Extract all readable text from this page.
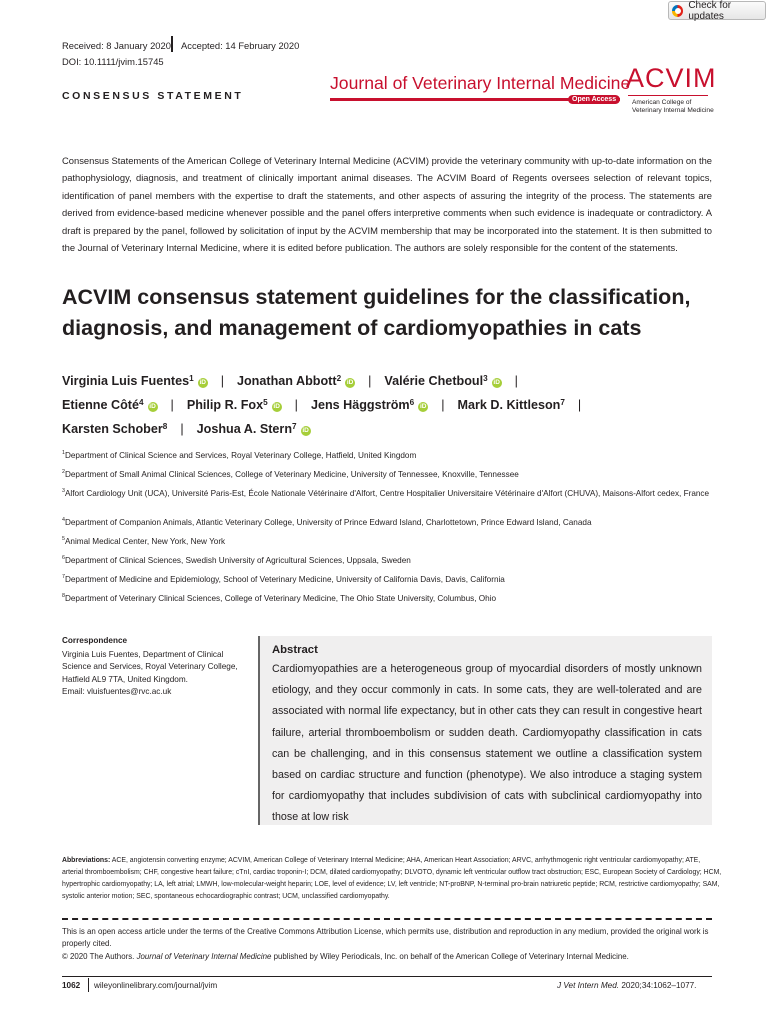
Check for updates
Received: 8 January 2020 Accepted: 14 February 2020
DOI: 10.1111/jvim.15745
CONSENSUS STATEMENT
Journal of Veterinary Internal Medicine
Open Access
ACVIM
American College of
Veterinary Internal Medicine
Consensus Statements of the American College of Veterinary Internal Medicine (ACVIM) provide the veterinary community with up-to-date information on the pathophysiology, diagnosis, and treatment of clinically important animal diseases. The ACVIM Board of Regents oversees selection of relevant topics, identification of panel members with the expertise to draft the statements, and other aspects of assuring the integrity of the process. The statements are derived from evidence-based medicine whenever possible and the panel offers interpretive comments when such evidence is inadequate or contradictory. A draft is prepared by the panel, followed by solicitation of input by the ACVIM membership that may be incorporated into the statement. It is then submitted to the Journal of Veterinary Internal Medicine, where it is edited before publication. The authors are solely responsible for the content of the statements.
ACVIM consensus statement guidelines for the classification,
diagnosis, and management of cardiomyopathies in cats
Virginia Luis Fuentes$^1$ iD | Jonathan Abbott$^2$ iD | Valérie Chetboul$^3$ iD |
Etienne Côté$^4$ iD | Philip R. Fox$^5$ iD | Jens Häggström$^6$ iD | Mark D. Kittleson$^7$ |
Karsten Schober$^8$ | Joshua A. Stern$^7$ iD
$^1$Department of Clinical Science and Services, Royal Veterinary College, Hatfield, United Kingdom
$^2$Department of Small Animal Clinical Sciences, College of Veterinary Medicine, University of Tennessee, Knoxville, Tennessee
$^3$Alfort Cardiology Unit (UCA), Université Paris-Est, École Nationale Vétérinaire d'Alfort, Centre Hospitalier Universitaire Vétérinaire d'Alfort (CHUVA), Maisons-Alfort cedex, France
$^4$Department of Companion Animals, Atlantic Veterinary College, University of Prince Edward Island, Charlottetown, Prince Edward Island, Canada
$^5$Animal Medical Center, New York, New York
$^6$Department of Clinical Sciences, Swedish University of Agricultural Sciences, Uppsala, Sweden
$^7$Department of Medicine and Epidemiology, School of Veterinary Medicine, University of California Davis, Davis, California
$^8$Department of Veterinary Clinical Sciences, College of Veterinary Medicine, The Ohio State University, Columbus, Ohio
Correspondence
Virginia Luis Fuentes, Department of Clinical Science and Services, Royal Veterinary College, Hatfield AL9 7TA, United Kingdom.
Email: vluisfuentes@rvc.ac.uk
Abstract
Cardiomyopathies are a heterogeneous group of myocardial disorders of mostly unknown etiology, and they occur commonly in cats. In some cats, they are well-tolerated and are associated with normal life expectancy, but in other cats they can result in congestive heart failure, arterial thromboembolism or sudden death. Cardiomyopathy classification in cats can be challenging, and in this consensus statement we outline a classification system based on cardiac structure and function (phenotype). We also introduce a staging system for cardiomyopathy that includes subdivision of cats with subclinical cardiomyopathy into those at low risk
Abbreviations: ACE, angiotensin converting enzyme; ACVIM, American College of Veterinary Internal Medicine; AHA, American Heart Association; ARVC, arrhythmogenic right ventricular cardiomyopathy; ATE, arterial thromboembolism; CHF, congestive heart failure; cTnI, cardiac troponin-I; DCM, dilated cardiomyopathy; DLVOTO, dynamic left ventricular outflow tract obstruction; ESC, European Society of Cardiology; HCM, hypertrophic cardiomyopathy; LA, left atrial; LMWH, low-molecular-weight heparin; LOE, level of evidence; LV, left ventricle; NT-proBNP, N-terminal pro-brain natriuretic peptide; RCM, restrictive cardiomyopathy; SAM, systolic anterior motion; SEC, spontaneous echocardiographic contrast; UCM, unclassified cardiomyopathy.
This is an open access article under the terms of the Creative Commons Attribution License, which permits use, distribution and reproduction in any medium, provided the original work is properly cited.
© 2020 The Authors. Journal of Veterinary Internal Medicine published by Wiley Periodicals, Inc. on behalf of the American College of Veterinary Internal Medicine.
1062 wileyonlinelibrary.com/journal/jvim	J Vet Intern Med. 2020;34:1062–1077.
